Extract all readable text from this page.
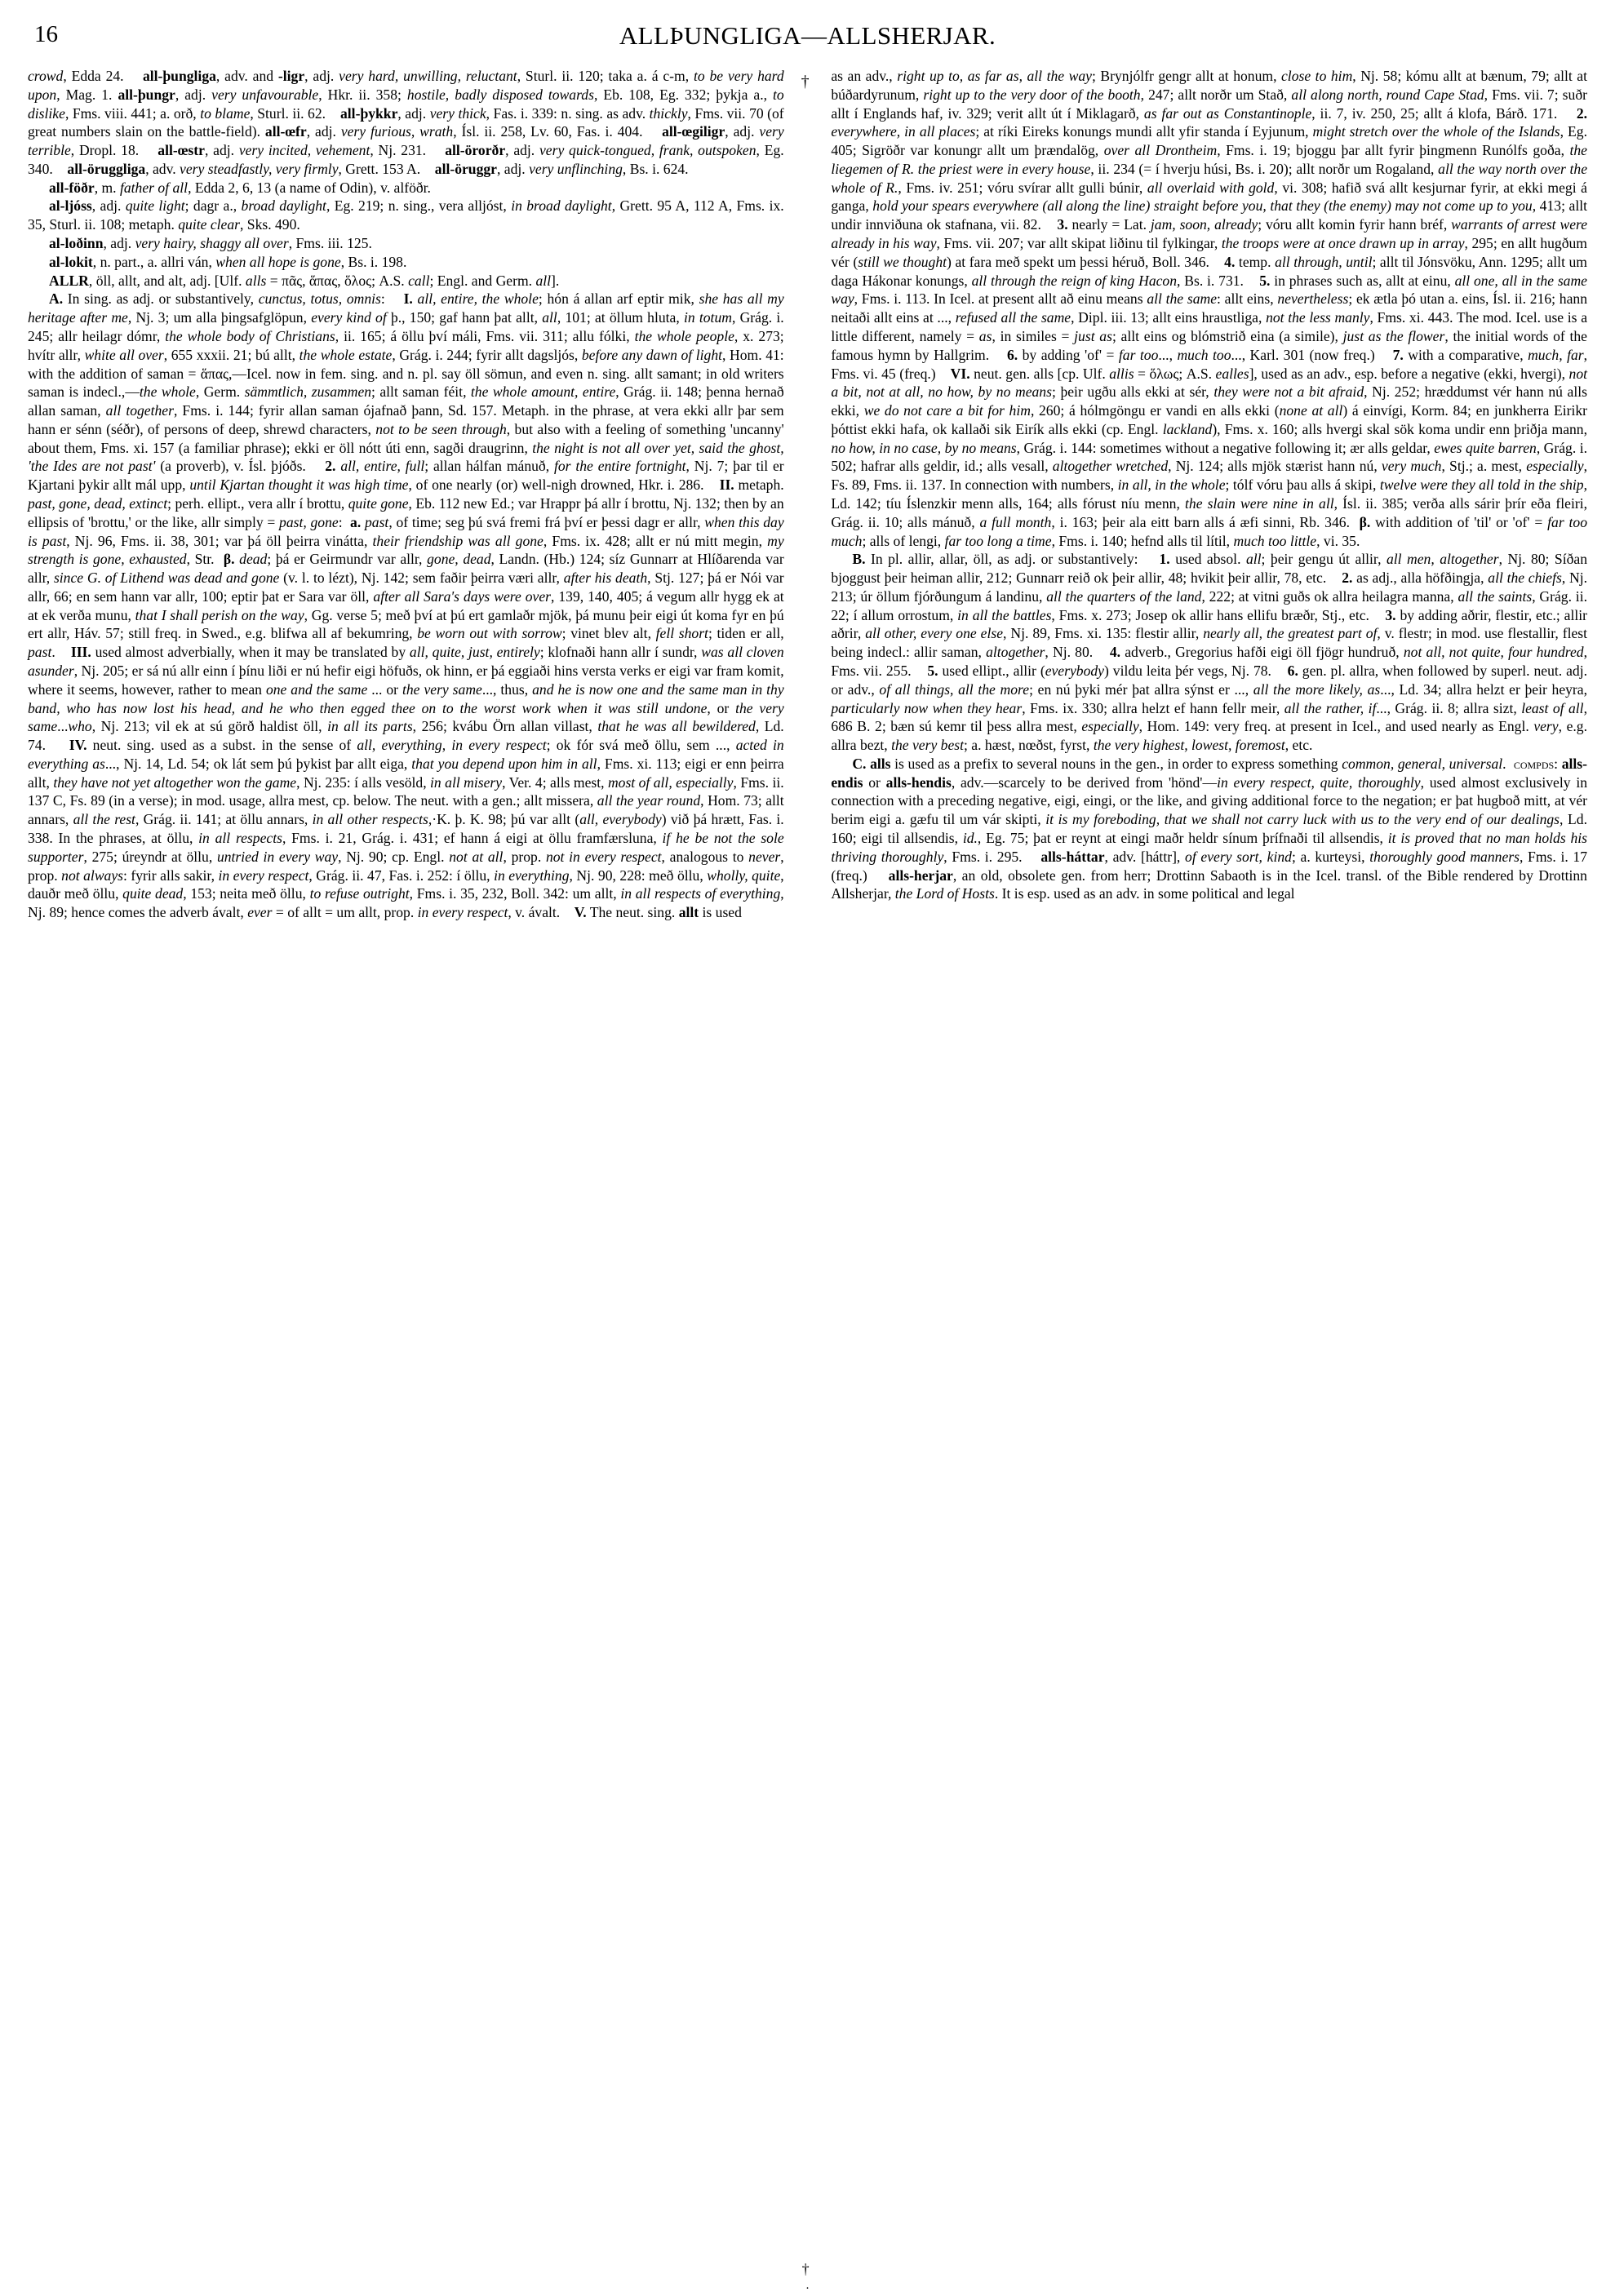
16	ALLÞUNGLIGA—ALLSHERJAR.

crowd, Edda 24.    all-þungliga, adv. and -ligr, adj. very hard, unwilling, reluctant, Sturl. ii. 120; taka a. á c-m, to be very hard upon, Mag. 1. all-þungr, adj. very unfavourable, Hkr. ii. 358; hostile, badly disposed towards, Eb. 108, Eg. 332; þykja a., to dislike, Fms. viii. 441; a. orð, to blame, Sturl. ii. 62.    all-þykkr, adj. very thick, Fas. i. 339: n. sing. as adv. thickly, Fms. vii. 70 (of great numbers slain on the battle-field). all-œfr, adj. very furious, wrath, Ísl. ii. 258, Lv. 60, Fas. i. 404.    all-œgiligr, adj. very terrible, Dropl. 18.    all-œstr, adj. very incited, vehement, Nj. 231.    all-örorðr, adj. very quick-tongued, frank, outspoken, Eg. 340.    all-öruggliga, adv. very steadfastly, very firmly, Grett. 153 A.    all-öruggr, adj. very unflinching, Bs. i. 624.

all-föðr, m. father of all, Edda 2, 6, 13 (a name of Odin), v. alföðr.

al-ljóss, adj. quite light; dagr a., broad daylight, Eg. 219; n. sing., vera alljóst, in broad daylight, Grett. 95 A, 112 A, Fms. ix. 35, Sturl. ii. 108; metaph. quite clear, Sks. 490.

al-loðinn, adj. very hairy, shaggy all over, Fms. iii. 125.

al-lokit, n. part., a. allri ván, when all hope is gone, Bs. i. 198.

ALLR, öll, allt, and alt, adj. [Ulf. alls = πᾶς, ἅπας, ὅλος; A.S. call; Engl. and Germ. all].

A. In sing. as adj. or substantively, cunctus, totus, omnis:    I. all, entire, the whole; hón á allan arf eptir mik, she has all my heritage after me, Nj. 3; um alla þingsafglöpun, every kind of þ., 150; gaf hann þat allt, all, 101; at öllum hluta, in totum, Grág. i. 245; allr heilagr dómr, the whole body of Christians, ii. 165; á öllu því máli, Fms. vii. 311; allu fólki, the whole people, x. 273; hvítr allr, white all over, 655 xxxii. 21; bú allt, the whole estate, Grág. i. 244; fyrir allt dagsljós, before any dawn of light, Hom. 41: with the addition of saman = ἅπας,—Icel. now in fem. sing. and n. pl. say öll sömun, and even n. sing. allt samant; in old writers saman is indecl.,—the whole, Germ. sämmtlich, zusammen; allt saman féit, the whole amount, entire, Grág. ii. 148; þenna hernað allan saman, all together, Fms. i. 144; fyrir allan saman ójafnað þann, Sd. 157. Metaph. in the phrase, at vera ekki allr þar sem hann er sénn (séðr), of persons of deep, shrewd characters, not to be seen through, but also with a feeling of something 'uncanny' about them, Fms. xi. 157 (a familiar phrase); ekki er öll nótt úti enn, sagði draugrinn, the night is not all over yet, said the ghost, 'the Ides are not past' (a proverb), v. Ísl. þjóðs.    2. all, entire, full; allan hálfan mánuð, for the entire fortnight, Nj. 7; þar til er Kjartani þykir allt mál upp, until Kjartan thought it was high time, of one nearly (or) well-nigh drowned, Hkr. i. 286.    II. metaph. past, gone, dead, extinct; perh. ellipt., vera allr í brottu, quite gone, Eb. 112 new Ed.; var Hrappr þá allr í brottu, Nj. 132; then by an ellipsis of 'brottu,' or the like, allr simply = past, gone:  a. past, of time; seg þú svá fremi frá því er þessi dagr er allr, when this day is past, Nj. 96, Fms. ii. 38, 301; var þá öll þeirra vinátta, their friendship was all gone, Fms. ix. 428; allt er nú mitt megin, my strength is gone, exhausted, Str.  β. dead; þá er Geirmundr var allr, gone, dead, Landn. (Hb.) 124; síz Gunnarr at Hlíðarenda var allr, since G. of Lithend was dead and gone (v. l. to lézt), Nj. 142; sem faðir þeirra væri allr, after his death, Stj. 127; þá er Nói var allr, 66; en sem hann var allr, 100; eptir þat er Sara var öll, after all Sara's days were over, 139, 140, 405; á vegum allr hygg ek at at ek verða munu, that I shall perish on the way, Gg. verse 5; með því at þú ert gamlaðr mjök, þá munu þeir eigi út koma fyr en þú ert allr, Háv. 57; still freq. in Swed., e.g. blifwa all af bekumring, be worn out with sorrow; vinet blev alt, fell short; tiden er all, past.    III. used almost adverbially, when it may be translated by all, quite, just, entirely; klofnaði hann allr í sundr, was all cloven asunder, Nj. 205; er sá nú allr einn í þínu liði er nú hefir eigi höfuðs, ok hinn, er þá eggiaði hins versta verks er eigi var fram komit, where it seems, however, rather to mean one and the same ... or the very same..., thus, and he is now one and the same man in thy band, who has now lost his head, and he who then egged thee on to the worst work when it was still undone, or the very same...who, Nj. 213; vil ek at sú görð haldist öll, in all its parts, 256; kvábu Örn allan villast, that he was all bewildered, Ld. 74.    IV. neut. sing. used as a subst. in the sense of all, everything, in every respect; ok fór svá með öllu, sem ..., acted in everything as..., Nj. 14, Ld. 54; ok lát sem þú þykist þar allt eiga, that you depend upon him in all, Fms. xi. 113; eigi er enn þeirra allt, they have not yet altogether won the game, Nj. 235: í alls vesöld, in all misery, Ver. 4; alls mest, most of all, especially, Fms. ii. 137 C, Fs. 89 (in a verse); in mod. usage, allra mest, cp. below. The neut. with a gen.; allt missera, all the year round, Hom. 73; allt annars, all the rest, Grág. ii. 141; at öllu annars, in all other respects,·K. þ. K. 98; þú var allt (all, everybody) við þá hrætt, Fas. i. 338. In the phrases, at öllu, in all respects, Fms. i. 21, Grág. i. 431; ef hann á eigi at öllu framfærsluna, if he be not the sole supporter, 275; úreyndr at öllu, untried in every way, Nj. 90; cp. Engl. not at all, prop. not in every respect, analogous to never, prop. not always: fyrir alls sakir, in every respect, Grág. ii. 47, Fas. i. 252: í öllu, in everything, Nj. 90, 228: með öllu, wholly, quite, dauðr með öllu, quite dead, 153; neita með öllu, to refuse outright, Fms. i. 35, 232, Boll. 342: um allt, in all respects of everything, Nj. 89; hence comes the adverb ávalt, ever = of allt = um allt, prop. in every respect, v. ávalt.    V. The neut. sing. allt is used

†
†

as an adv., right up to, as far as, all the way; Brynjólfr gengr allt at honum, close to him, Nj. 58; kómu allt at bænum, 79; allt at búðardyrunum, right up to the very door of the booth, 247; allt norðr um Stað, all along north, round Cape Stad, Fms. vii. 7; suðr allt í Englands haf, iv. 329; verit allt út í Miklagarð, as far out as Constantinople, ii. 7, iv. 250, 25; allt á klofa, Bárð. 171.    2. everywhere, in all places; at ríki Eireks konungs mundi allt yfir standa í Eyjunum, might stretch over the whole of the Islands, Eg. 405; Sigröðr var konungr allt um þrændalög, over all Drontheim, Fms. i. 19; bjoggu þar allt fyrir þingmenn Runólfs goða, the liegemen of R. the priest were in every house, ii. 234 (= í hverju húsi, Bs. i. 20); allt norðr um Rogaland, all the way north over the whole of R., Fms. iv. 251; vóru svírar allt gulli búnir, all overlaid with gold, vi. 308; hafið svá allt kesjurnar fyrir, at ekki megi á ganga, hold your spears everywhere (all along the line) straight before you, that they (the enemy) may not come up to you, 413; allt undir innviðuna ok stafnana, vii. 82.    3. nearly = Lat. jam, soon, already; vóru allt komin fyrir hann bréf, warrants of arrest were already in his way, Fms. vii. 207; var allt skipat liðinu til fylkingar, the troops were at once drawn up in array, 295; en allt hugðum vér (still we thought) at fara með spekt um þessi héruð, Boll. 346.    4. temp. all through, until; allt til Jónsvöku, Ann. 1295; allt um daga Hákonar konungs, all through the reign of king Hacon, Bs. i. 731.    5. in phrases such as, allt at einu, all one, all in the same way, Fms. i. 113. In Icel. at present allt að einu means all the same: allt eins, nevertheless; ek ætla þó utan a. eins, Ísl. ii. 216; hann neitaði allt eins at ..., refused all the same, Dipl. iii. 13; allt eins hraustliga, not the less manly, Fms. xi. 443. The mod. Icel. use is a little different, namely = as, in similes = just as; allt eins og blómstrið eina (a simile), just as the flower, the initial words of the famous hymn by Hallgrim.    6. by adding 'of' = far too..., much too..., Karl. 301 (now freq.)    7. with a comparative, much, far, Fms. vi. 45 (freq.)    VI. neut. gen. alls [cp. Ulf. allis = ὅλως; A.S. ealles], used as an adv., esp. before a negative (ekki, hvergi), not a bit, not at all, no how, by no means; þeir ugðu alls ekki at sér, they were not a bit afraid, Nj. 252; hræddumst vér hann nú alls ekki, we do not care a bit for him, 260; á hólmgöngu er vandi en alls ekki (none at all) á einvígi, Korm. 84; en junkherra Eirikr þóttist ekki hafa, ok kallaði sik Eirík alls ekki (cp. Engl. lackland), Fms. x. 160; alls hvergi skal sök koma undir enn þriðja mann, no how, in no case, by no means, Grág. i. 144: sometimes without a negative following it; ær alls geldar, ewes quite barren, Grág. i. 502; hafrar alls geldir, id.; alls vesall, altogether wretched, Nj. 124; alls mjök stærist hann nú, very much, Stj.; a. mest, especially, Fs. 89, Fms. ii. 137. In connection with numbers, in all, in the whole; tólf vóru þau alls á skipi, twelve were they all told in the ship, Ld. 142; tíu Íslenzkir menn alls, 164; alls fórust níu menn, the slain were nine in all, Ísl. ii. 385; verða alls sárir þrír eða fleiri, Grág. ii. 10; alls mánuð, a full month, i. 163; þeir ala eitt barn alls á æfi sinni, Rb. 346.  β. with addition of 'til' or 'of' = far too much; alls of lengi, far too long a time, Fms. i. 140; hefnd alls til lítil, much too little, vi. 35.

B. In pl. allir, allar, öll, as adj. or substantively:    1. used absol. all; þeir gengu út allir, all men, altogether, Nj. 80; Síðan bjoggust þeir heiman allir, 212; Gunnarr reið ok þeir allir, 48; hvikit þeir allir, 78, etc.    2. as adj., alla höfðingja, all the chiefs, Nj. 213; úr öllum fjórðungum á landinu, all the quarters of the land, 222; at vitni guðs ok allra heilagra manna, all the saints, Grág. ii. 22; í allum orrostum, in all the battles, Fms. x. 273; Josep ok allir hans ellifu bræðr, Stj., etc.    3. by adding aðrir, flestir, etc.; allir aðrir, all other, every one else, Nj. 89, Fms. xi. 135: flestir allir, nearly all, the greatest part of, v. flestr; in mod. use flestallir, flest being indecl.: allir saman, altogether, Nj. 80.    4. adverb., Gregorius hafði eigi öll fjögr hundruð, not all, not quite, four hundred, Fms. vii. 255.    5. used ellipt., allir (everybody) vildu leita þér vegs, Nj. 78.    6. gen. pl. allra, when followed by superl. neut. adj. or adv., of all things, all the more; en nú þyki mér þat allra sýnst er ..., all the more likely, as..., Ld. 34; allra helzt er þeir heyra, particularly now when they hear, Fms. ix. 330; allra helzt ef hann fellr meir, all the rather, if..., Grág. ii. 8; allra sizt, least of all, 686 B. 2; bæn sú kemr til þess allra mest, especially, Hom. 149: very freq. at present in Icel., and used nearly as Engl. very, e.g. allra bezt, the very best; a. hæst, nœðst, fyrst, the very highest, lowest, foremost, etc.

C. alls is used as a prefix to several nouns in the gen., in order to express something common, general, universal.  compds: alls-endis or alls-hendis, adv.—scarcely to be derived from 'hönd'—in every respect, quite, thoroughly, used almost exclusively in connection with a preceding negative, eigi, eingi, or the like, and giving additional force to the negation; er þat hugboð mitt, at vér berim eigi a. gæfu til um vár skipti, it is my foreboding, that we shall not carry luck with us to the very end of our dealings, Ld. 160; eigi til allsendis, id., Eg. 75; þat er reynt at eingi maðr heldr sínum þrífnaði til allsendis, it is proved that no man holds his thriving thoroughly, Fms. i. 295.    alls-háttar, adv. [háttr], of every sort, kind; a. kurteysi, thoroughly good manners, Fms. i. 17 (freq.)    alls-herjar, an old, obsolete gen. from herr; Drottinn Sabaoth is in the Icel. transl. of the Bible rendered by Drottinn Allsherjar, the Lord of Hosts. It is esp. used as an adv. in some political and legal

.
